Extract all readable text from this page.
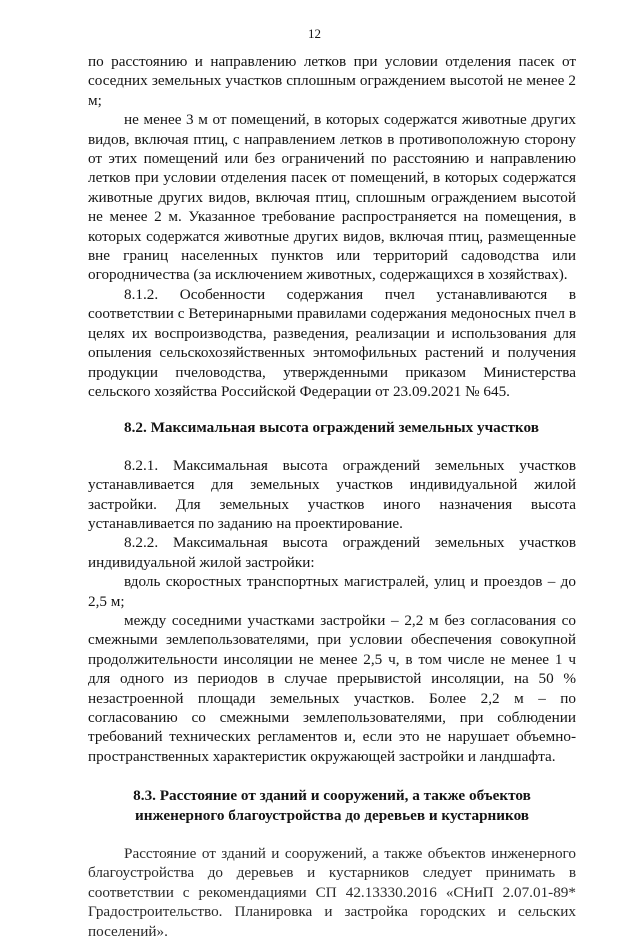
12

по расстоянию и направлению летков при условии отделения пасек от соседних земельных участков сплошным ограждением высотой не менее 2 м;

не менее 3 м от помещений, в которых содержатся животные других видов, включая птиц, с направлением летков в противоположную сторону от этих помещений или без ограничений по расстоянию и направлению летков при условии отделения пасек от помещений, в которых содержатся животные других видов, включая птиц, сплошным ограждением высотой не менее 2 м. Указанное требование распространяется на помещения, в которых содержатся животные других видов, включая птиц, размещенные вне границ населенных пунктов или территорий садоводства или огородничества (за исключением животных, содержащихся в хозяйствах).

8.1.2. Особенности содержания пчел устанавливаются в соответствии с Ветеринарными правилами содержания медоносных пчел в целях их воспроизводства, разведения, реализации и использования для опыления сельскохозяйственных энтомофильных растений и получения продукции пчеловодства, утвержденными приказом Министерства сельского хозяйства Российской Федерации от 23.09.2021 № 645.

8.2. Максимальная высота ограждений земельных участков

8.2.1. Максимальная высота ограждений земельных участков устанавливается для земельных участков индивидуальной жилой застройки. Для земельных участков иного назначения высота устанавливается по заданию на проектирование.

8.2.2. Максимальная высота ограждений земельных участков индивидуальной жилой застройки:

вдоль скоростных транспортных магистралей, улиц и проездов – до 2,5 м;

между соседними участками застройки – 2,2 м без согласования со смежными землепользователями, при условии обеспечения совокупной продолжительности инсоляции не менее 2,5 ч, в том числе не менее 1 ч для одного из периодов в случае прерывистой инсоляции, на 50 % незастроенной площади земельных участков. Более 2,2 м – по согласованию со смежными землепользователями, при соблюдении требований технических регламентов и, если это не нарушает объемно-пространственных характеристик окружающей застройки и ландшафта.

8.3. Расстояние от зданий и сооружений, а также объектов
инженерного благоустройства до деревьев и кустарников

Расстояние от зданий и сооружений, а также объектов инженерного благоустройства до деревьев и кустарников следует принимать в соответствии с рекомендациями СП 42.13330.2016 «СНиП 2.07.01-89* Градостроительство. Планировка и застройка городских и сельских поселений».
